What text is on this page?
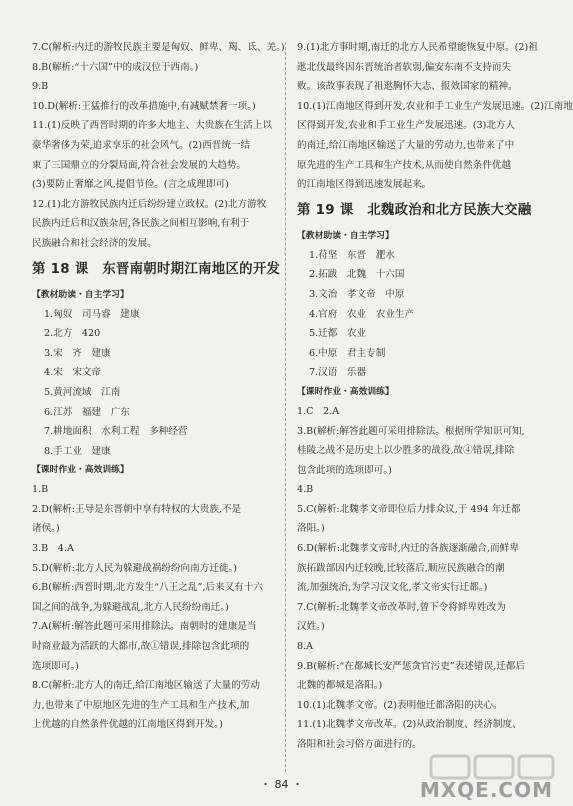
7.C(解析:内迁的游牧民族主要是匈奴、鲜卑、羯、氐、羌。)
8.B(解析:“十六国”中的成汉位于西南。)
9.B
10.D(解析:王猛推行的改革措施中,有减赋禁奢一项。)
11.(1)反映了西晋时期的许多大地主、大贵族在生活上以
豪华奢侈为荣,追求享乐的社会风气。(2)西晋统一结
束了三国鼎立的分裂局面,符合社会发展的大趋势。
(3)要防止奢靡之风,提倡节俭。(言之成理即可)
12.(1)北方游牧民族内迁后纷纷建立政权。(2)北方游牧
民族内迁后和汉族杂居,各民族之间相互影响,有利于
民族融合和社会经济的发展。
第 18 课　东晋南朝时期江南地区的开发
【教材助读・自主学习】
1.匈奴　司马睿　建康
2.北方　420
3.宋　齐　建康
4.宋　宋文帝
5.黄河流域　江南
6.江苏　福建　广东
7.耕地面积　水利工程　多种经营
8.手工业　建康
【课时作业・高效训练】
1.B
2.D(解析:王导是东晋朝中享有特权的大贵族,不是
诸侯。)
3.B　4.A
5.D(解析:北方人民为躲避战祸纷纷向南方迁徙。)
6.B(解析:西晋时期,北方发生“八王之乱”,后来又有十六
国之间的战争,为躲避战乱,北方人民纷纷南迁。)
7.A(解析:解答此题可采用排除法。南朝时的建康是当
时商业最为活跃的大都市,故①错误,排除包含此项的
选项即可。)
8.C(解析:北方人的南迁,给江南地区输送了大量的劳动
力,也带来了中原地区先进的生产工具和生产技术,加
上优越的自然条件优越的江南地区得到开发。)
9.(1)北方事时期,南迁的北方人民希望能恢复中原。(2)祖
逖北伐最终因东晋统治者软弱,偏安东南不支持而失
败。该故事表现了祖逖胸怀大志、报效国家的精神。
10.(1)江南地区得到开发,农业和手工业生产发展迅速。(2)江南地
区得到开发,农业和手工业生产发展迅速。(3)北方人
的南迁,给江南地区输送了大量的劳动力,也带来了中
原先进的生产工具和生产技术,从而使自然条件优越
的江南地区得到迅速发展起来。
第 19 课　北魏政治和北方民族大交融
【教材助读・自主学习】
1.苻坚　东晋　淝水
2.拓跋　北魏　十六国
3.文治　孝文帝　中原
4.官府　农业　农业生产
5.迁都　农业
6.中原　君主专制
7.汉语　乐器
【课时作业・高效训练】
1.C　2.A
3.B(解析:解答此题可采用排除法。根据所学知识可知,
桂陵之战不是历史上以少胜多的战役,故④错误,排除
包含此项的选项即可。)
4.B
5.C(解析:北魏孝文帝即位后力排众议,于 494 年迁都
洛阳。)
6.D(解析:北魏孝文帝时,内迁的各族逐渐融合,而鲜卑
族拓跋部因内迁较晚,比较落后,顺应民族融合的潮
流,加强统治,为学习汉文化,孝文帝实行迁都。)
7.C(解析:北魏孝文帝改革时,曾下令将鲜卑姓改为
汉姓。)
8.A
9.B(解析:“在都城长安严惩贪官污吏”表述错误,迁都后
北魏的都城是洛阳。)
10.(1)北魏孝文帝。(2)表明他迁都洛阳的决心。
11.(1)北魏孝文帝改革。(2)从政治制度、经济制度、
洛阳和社会习俗方面进行的。
・ 84 ・	MXQE.COM
